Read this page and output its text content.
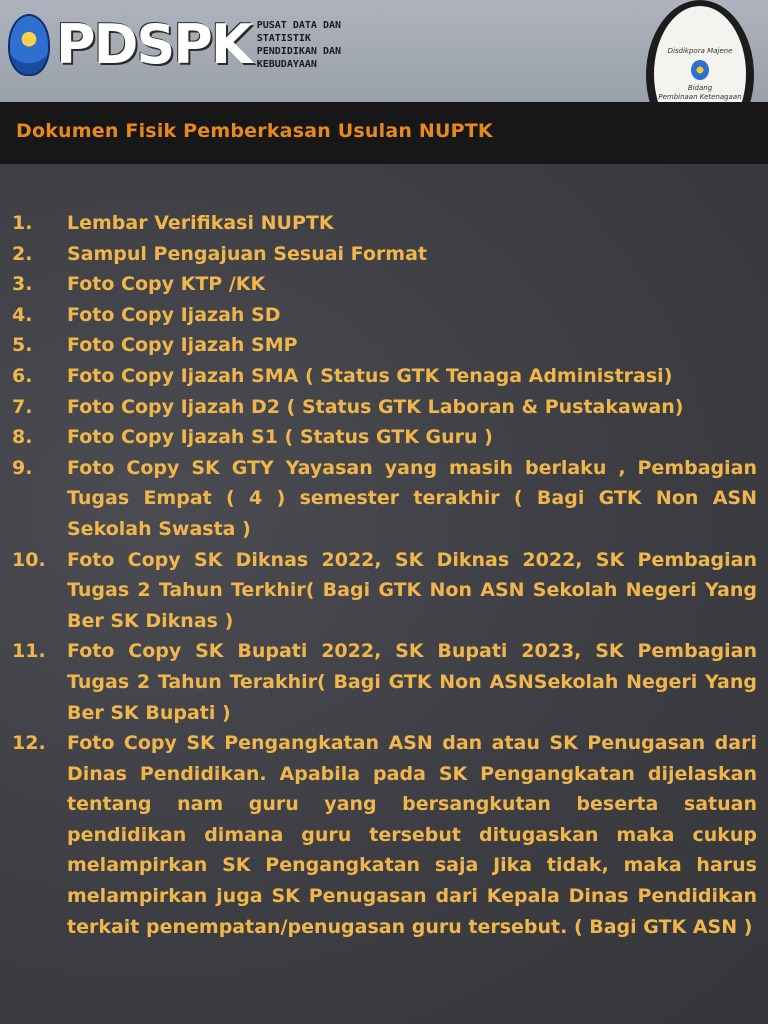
PDSPK PUSAT DATA DAN STATISTIK
PENDIDIKAN DAN KEBUDAYAAN
Disdikpora Majene
Bidang
Pembinaan Ketenagaan
Dokumen Fisik Pemberkasan Usulan NUPTK
1.	Lembar Verifikasi NUPTK
2.	Sampul Pengajuan Sesuai Format
3.	Foto Copy KTP /KK
4.	Foto Copy Ijazah SD
5.	Foto Copy Ijazah SMP
6.	Foto Copy Ijazah SMA ( Status GTK Tenaga Administrasi)
7.	Foto Copy Ijazah D2 ( Status GTK Laboran & Pustakawan)
8.	Foto Copy Ijazah S1 ( Status GTK Guru )
9.	Foto Copy SK GTY Yayasan yang masih berlaku , Pembagian Tugas Empat ( 4 ) semester terakhir ( Bagi GTK Non ASN Sekolah Swasta )
10.	Foto Copy SK Diknas 2022, SK Diknas 2022, SK Pembagian Tugas 2 Tahun Terkhir( Bagi GTK Non ASN Sekolah Negeri Yang Ber SK Diknas )
11.	Foto Copy SK Bupati 2022, SK Bupati 2023, SK Pembagian Tugas 2 Tahun Terakhir( Bagi GTK Non ASNSekolah Negeri Yang Ber SK Bupati )
12.	Foto Copy SK Pengangkatan ASN dan atau SK Penugasan dari Dinas Pendidikan. Apabila pada SK Pengangkatan dijelaskan tentang nam guru yang bersangkutan beserta satuan pendidikan dimana guru tersebut ditugaskan maka cukup melampirkan SK Pengangkatan saja Jika tidak, maka harus melampirkan juga SK Penugasan dari Kepala Dinas Pendidikan terkait penempatan/penugasan guru tersebut. ( Bagi GTK ASN )
